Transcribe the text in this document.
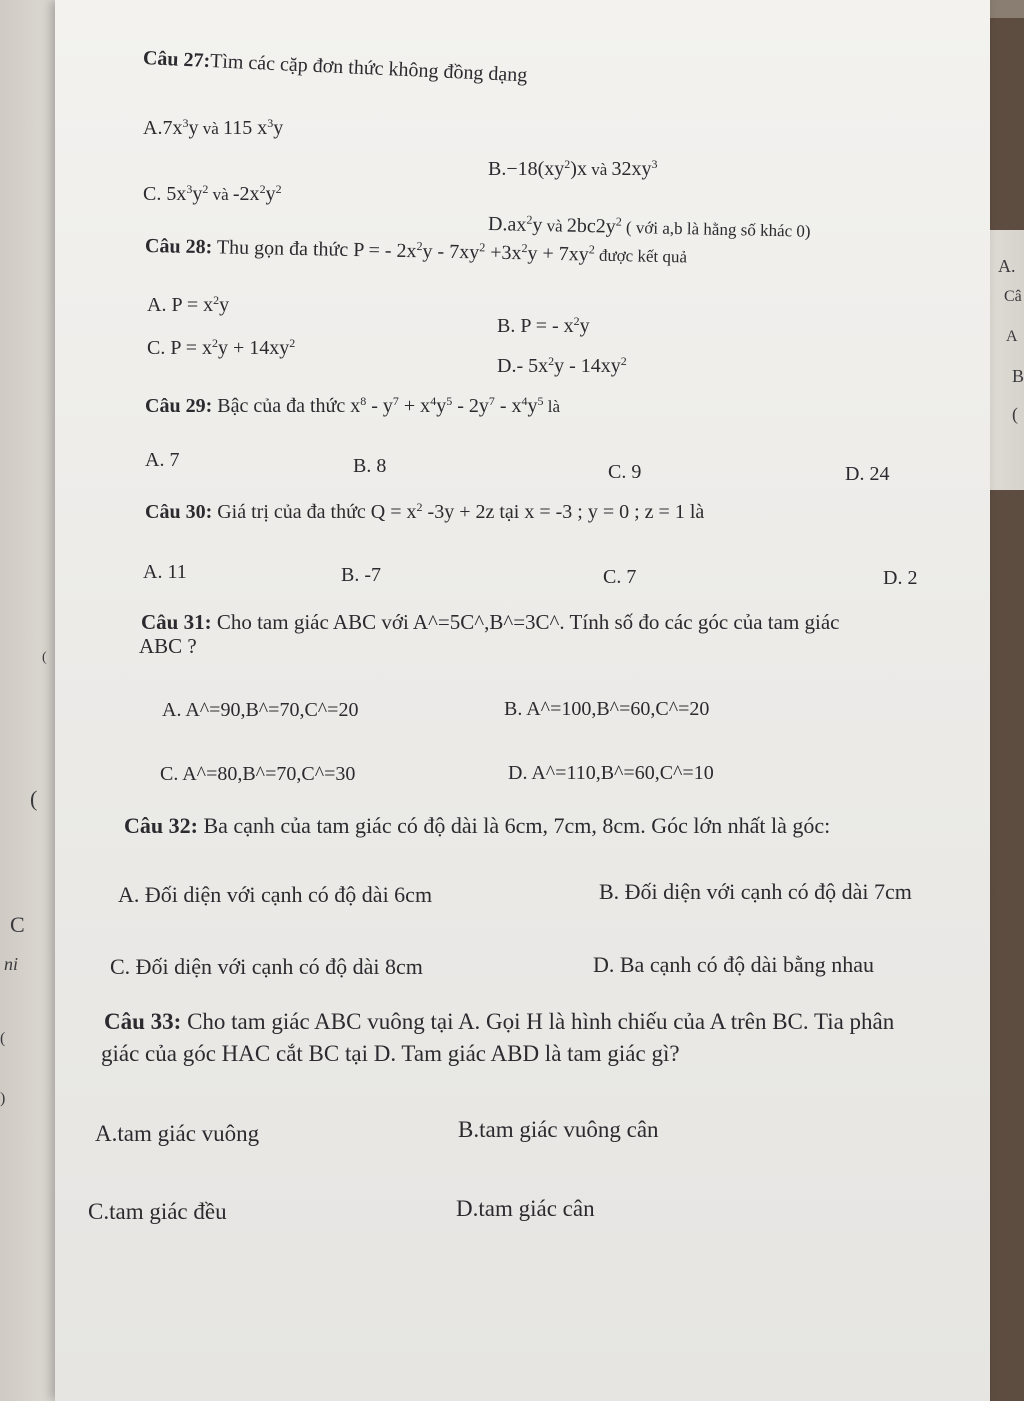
(
(
C
ni
(
)
A.
Câ
A
B
(
Câu 27:Tìm các cặp đơn thức không đồng dạng
$A.7x^3y$ và 115 $x^3y$
$B.-18(xy^2)x$ và $32xy^3$
C. $5x^3y^2$ và $-2x^2y^2$
$D.ax^2y$ và $2bc2y^2$ ( với a,b là hằng số khác 0)
Câu 28: Thu gọn đa thức P = - $2x^2y - 7xy^2 +3x^2y + 7xy^2$ được kết quả
A. $P = x^2y$
B. P = - $x^2y$
C. $P = x^2y + 14xy^2$
D.- $5x^2y - 14xy^2$
Câu 29: Bậc của đa thức $x^8 - y^7 + x^4y^5 - 2y^7 - x^4y^5$ là
A. 7	B. 8	C. 9	D. 24
Câu 30: Giá trị của đa thức $Q = x^2$ -3y + 2z tại x = -3 ; y = 0 ; z = 1 là
A. 11	B. -7	C. 7	D. 2
Câu 31: Cho tam giác ABC với A^=5C^,B^=3C^. Tính số đo các góc của tam giác
ABC ?
A. A^=90,B^=70,C^=20	B. A^=100,B^=60,C^=20
C. A^=80,B^=70,C^=30	D. A^=110,B^=60,C^=10
Câu 32: Ba cạnh của tam giác có độ dài là 6cm, 7cm, 8cm. Góc lớn nhất là góc:
A. Đối diện với cạnh có độ dài 6cm	B. Đối diện với cạnh có độ dài 7cm
C. Đối diện với cạnh có độ dài 8cm	D. Ba cạnh có độ dài bằng nhau
Câu 33: Cho tam giác ABC vuông tại A. Gọi H là hình chiếu của A trên BC. Tia phân
giác của góc HAC cắt BC tại D. Tam giác ABD là tam giác gì?
A.tam giác vuông	B.tam giác vuông cân
C.tam giác đều	D.tam giác cân
